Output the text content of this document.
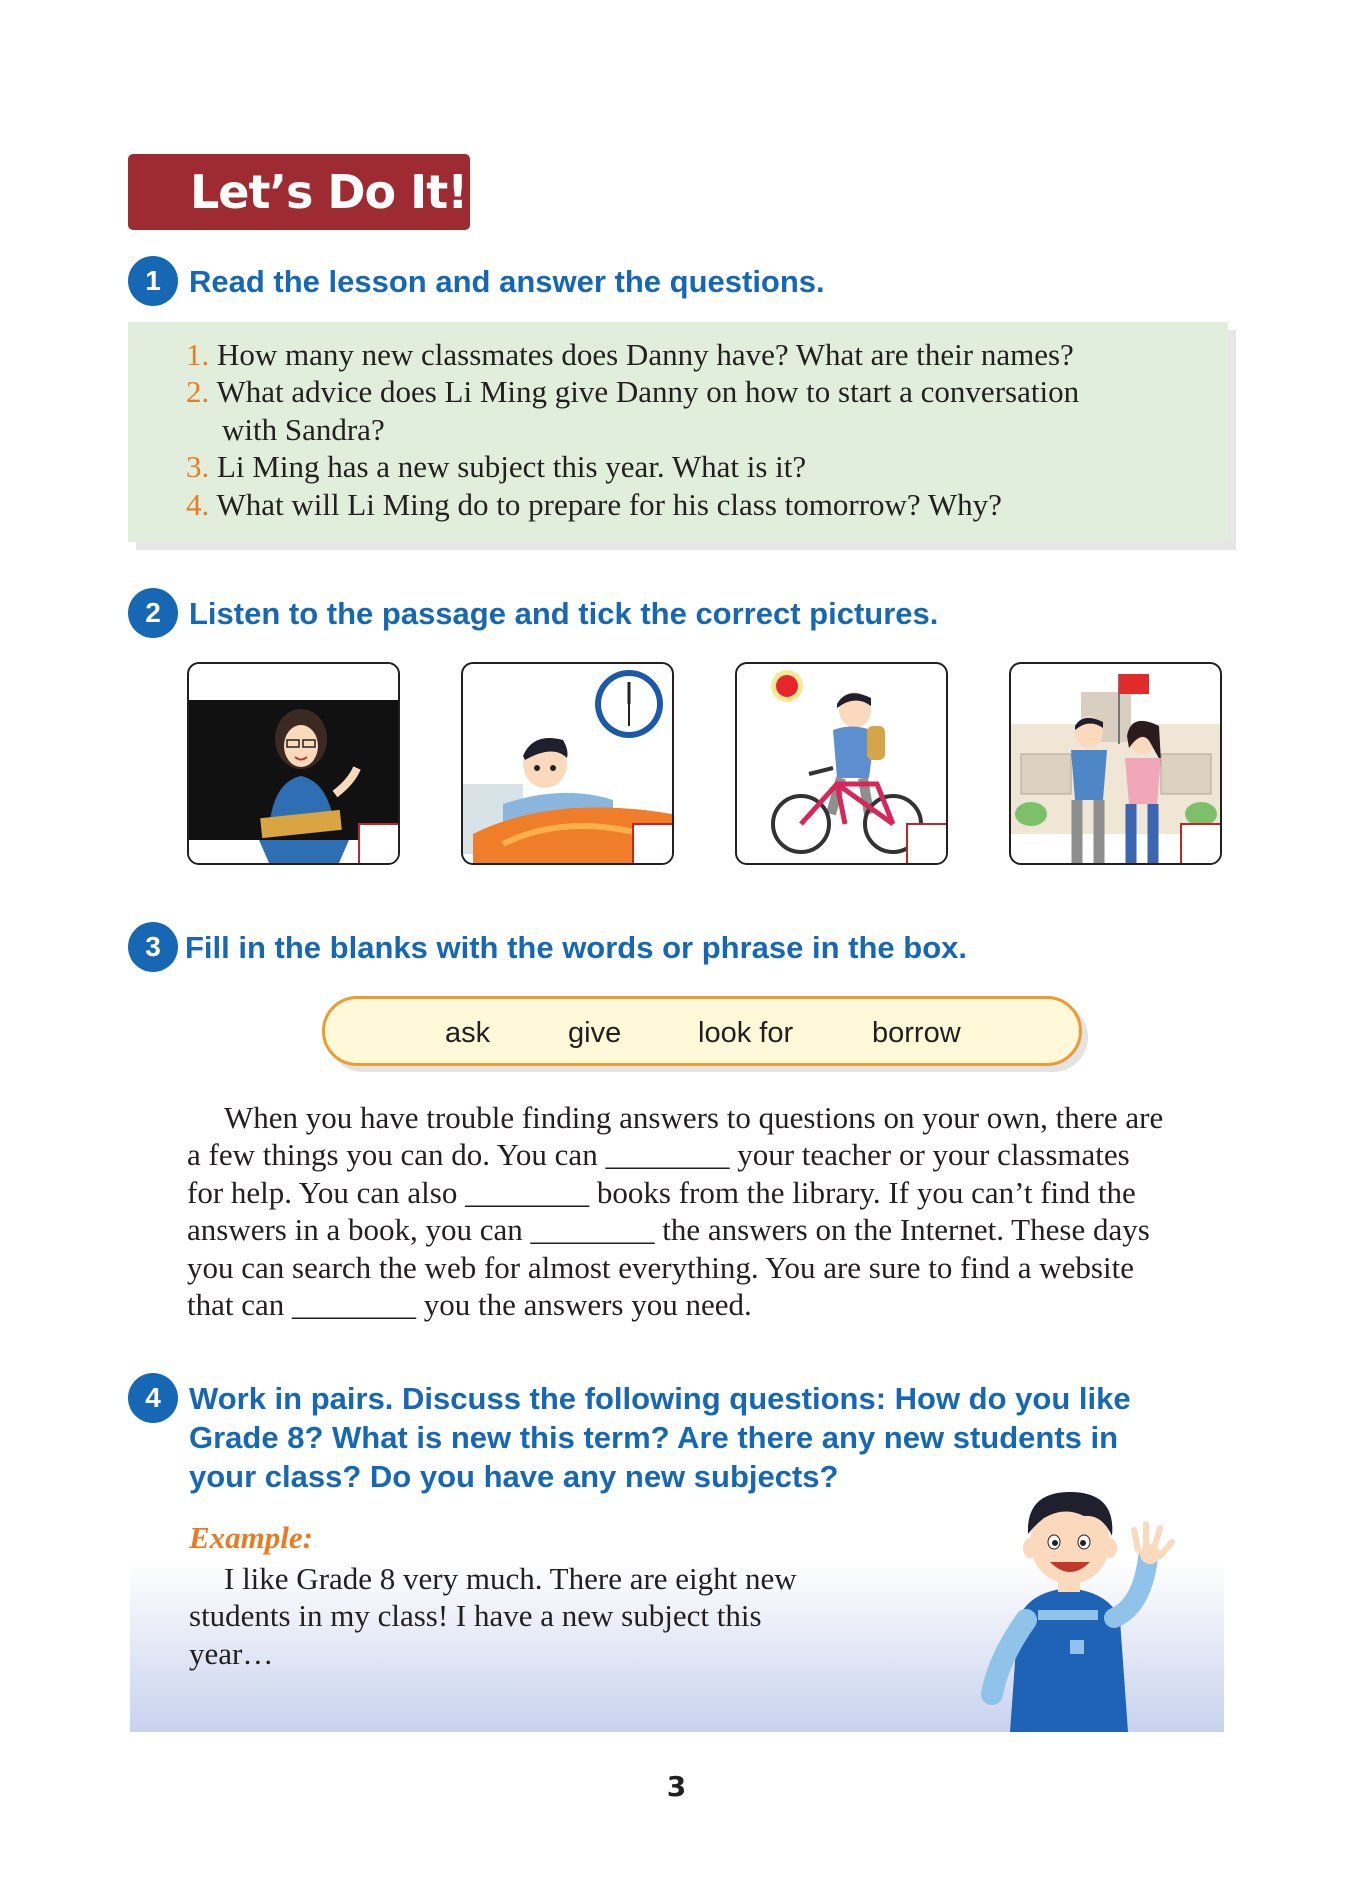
Let’s Do It!
1 Read the lesson and answer the questions.
1. How many new classmates does Danny have? What are their names?
2. What advice does Li Ming give Danny on how to start a conversation
with Sandra?
3. Li Ming has a new subject this year. What is it?
4. What will Li Ming do to prepare for his class tomorrow? Why?
2 Listen to the passage and tick the correct pictures.
3 Fill in the blanks with the words or phrase in the box.
ask	give	look for	borrow
When you have trouble finding answers to questions on your own, there are
a few things you can do. You can ________ your teacher or your classmates
for help. You can also ________ books from the library. If you can’t find the
answers in a book, you can ________ the answers on the Internet. These days
you can search the web for almost everything. You are sure to find a website
that can ________ you the answers you need.
4 Work in pairs. Discuss the following questions: How do you like
Grade 8? What is new this term? Are there any new students in
your class? Do you have any new subjects?
Example:
I like Grade 8 very much. There are eight new
students in my class! I have a new subject this
year…
3
